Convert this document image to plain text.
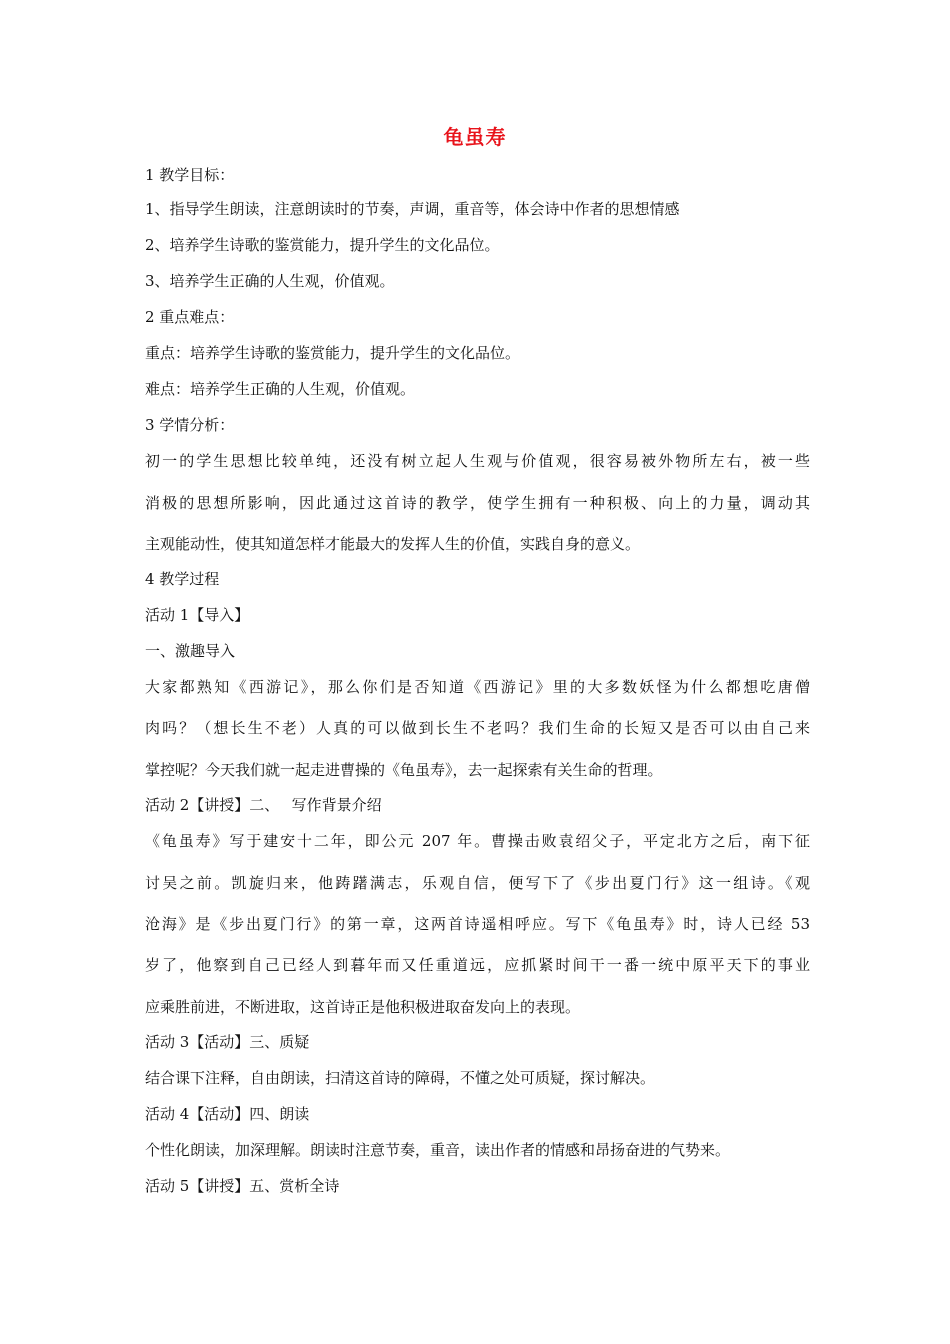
龟虽寿
1 教学目标：
1、指导学生朗读，注意朗读时的节奏，声调，重音等，体会诗中作者的思想情感
2、培养学生诗歌的鉴赏能力，提升学生的文化品位。
3、培养学生正确的人生观，价值观。
2 重点难点：
重点：培养学生诗歌的鉴赏能力，提升学生的文化品位。
难点：培养学生正确的人生观，价值观。
3 学情分析：
初一的学生思想比较单纯，还没有树立起人生观与价值观，很容易被外物所左右，被一些
消极的思想所影响，因此通过这首诗的教学，使学生拥有一种积极、向上的力量，调动其
主观能动性，使其知道怎样才能最大的发挥人生的价值，实践自身的意义。
4 教学过程
活动 1【导入】
一、激趣导入
大家都熟知《西游记》，那么你们是否知道《西游记》里的大多数妖怪为什么都想吃唐僧
肉吗？（想长生不老）人真的可以做到长生不老吗？我们生命的长短又是否可以由自己来
掌控呢？今天我们就一起走进曹操的《龟虽寿》，去一起探索有关生命的哲理。
活动 2【讲授】二、　 写作背景介绍
《龟虽寿》写于建安十二年，即公元 207 年。曹操击败袁绍父子，平定北方之后，南下征
讨吴之前。凯旋归来，他踌躇满志，乐观自信，便写下了《步出夏门行》这一组诗。《观
沧海》是《步出夏门行》的第一章，这两首诗遥相呼应。写下《龟虽寿》时，诗人已经 53
岁了，他察到自己已经人到暮年而又任重道远，应抓紧时间干一番一统中原平天下的事业
应乘胜前进，不断进取，这首诗正是他积极进取奋发向上的表现。
活动 3【活动】三、质疑
结合课下注释，自由朗读，扫清这首诗的障碍，不懂之处可质疑，探讨解决。
活动 4【活动】四、朗读
个性化朗读，加深理解。朗读时注意节奏，重音，读出作者的情感和昂扬奋进的气势来。
活动 5【讲授】五、赏析全诗
